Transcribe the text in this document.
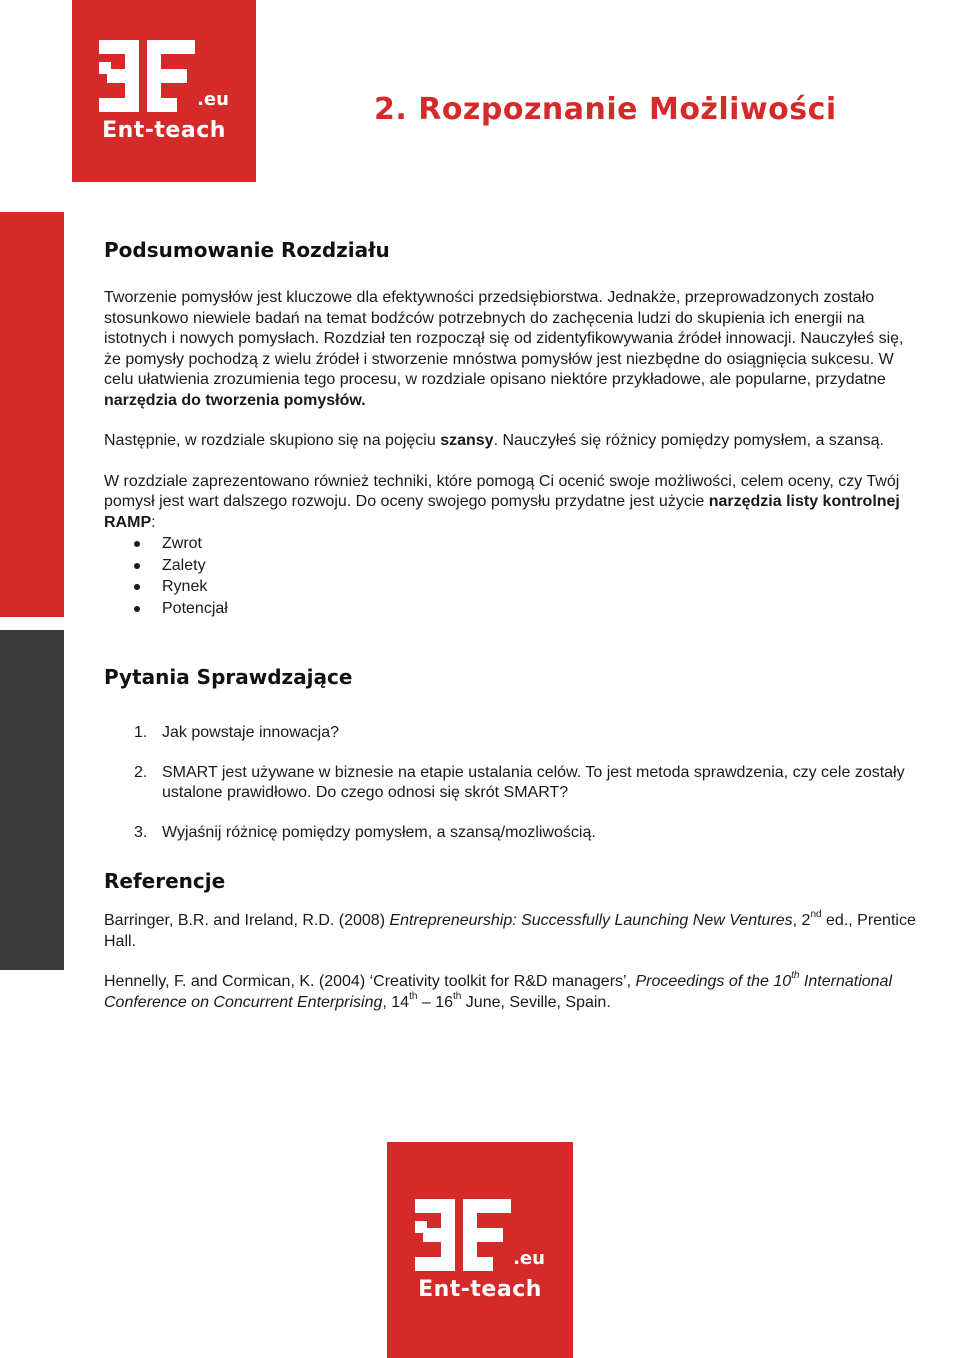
.eu
Ent-teach
2. Rozpoznanie Możliwości
Podsumowanie Rozdziału

Tworzenie pomysłów jest kluczowe dla efektywności przedsiębiorstwa. Jednakże, przeprowadzonych zostało stosunkowo niewiele badań na temat bodźców potrzebnych do zachęcenia ludzi do skupienia ich energii na istotnych i nowych pomysłach. Rozdział ten rozpoczął się od zidentyfikowywania źródeł innowacji. Nauczyłeś się, że pomysły pochodzą z wielu źródeł i stworzenie mnóstwa pomysłów jest niezbędne do osiągnięcia sukcesu. W celu ułatwienia zrozumienia tego procesu, w rozdziale opisano niektóre przykładowe, ale popularne, przydatne narzędzia do tworzenia pomysłów.

Następnie, w rozdziale skupiono się na pojęciu szansy. Nauczyłeś się różnicy pomiędzy pomysłem, a szansą.

W rozdziale zaprezentowano również techniki, które pomogą Ci ocenić swoje możliwości, celem oceny, czy Twój pomysł jest wart dalszego rozwoju. Do oceny swojego pomysłu przydatne jest użycie narzędzia listy kontrolnej RAMP:

Zwrot
Zalety
Rynek
Potencjał
Pytania Sprawdzające
1. Jak powstaje innowacja?
2. SMART jest używane w biznesie na etapie ustalania celów. To jest metoda sprawdzenia, czy cele zostały ustalone prawidłowo. Do czego odnosi się skrót SMART?
3. Wyjaśnij różnicę pomiędzy pomysłem, a szansą/mozliwością.
Referencje

Barringer, B.R. and Ireland, R.D. (2008) Entrepreneurship: Successfully Launching New Ventures, 2nd ed., Prentice Hall.

Hennelly, F. and Cormican, K. (2004) ‘Creativity toolkit for R&D managers’, Proceedings of the 10th International Conference on Concurrent Enterprising, 14th – 16th June, Seville, Spain.

.eu
Ent-teach
